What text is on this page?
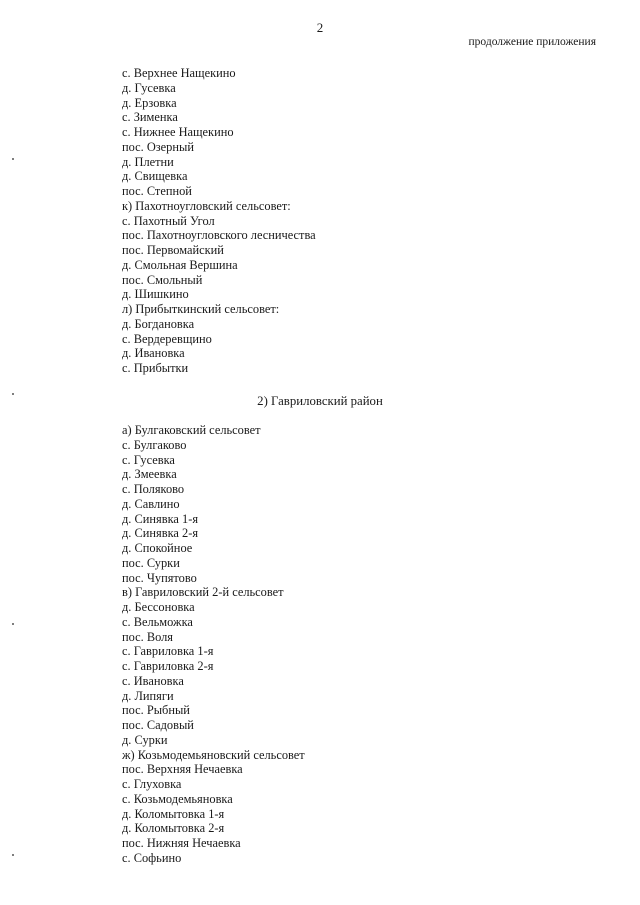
2

продолжение приложения

с. Верхнее Нащекино
д. Гусевка
д. Ерзовка
с. Зименка
с. Нижнее Нащекино
пос. Озерный
д. Плетни
д. Свищевка
пос. Степной
к) Пахотноугловский сельсовет:
с. Пахотный Угол
пос. Пахотноугловского лесничества
пос. Первомайский
д. Смольная Вершина
пос. Смольный
д. Шишкино
л) Прибыткинский сельсовет:
д. Богдановка
с. Вердеревщино
д. Ивановка
с. Прибытки

2) Гавриловский район

а) Булгаковский сельсовет
с. Булгаково
с. Гусевка
д. Змеевка
с. Поляково
д. Савлино
д. Синявка 1-я
д. Синявка 2-я
д. Спокойное
пос. Сурки
пос. Чупятово
в) Гавриловский 2-й сельсовет
д. Бессоновка
с. Вельможка
пос. Воля
с. Гавриловка 1-я
с. Гавриловка 2-я
с. Ивановка
д. Липяги
пос. Рыбный
пос. Садовый
д. Сурки
ж) Козьмодемьяновский сельсовет
пос. Верхняя Нечаевка
с. Глуховка
с. Козьмодемьяновка
д. Коломытовка 1-я
д. Коломытовка 2-я
пос. Нижняя Нечаевка
с. Софьино
